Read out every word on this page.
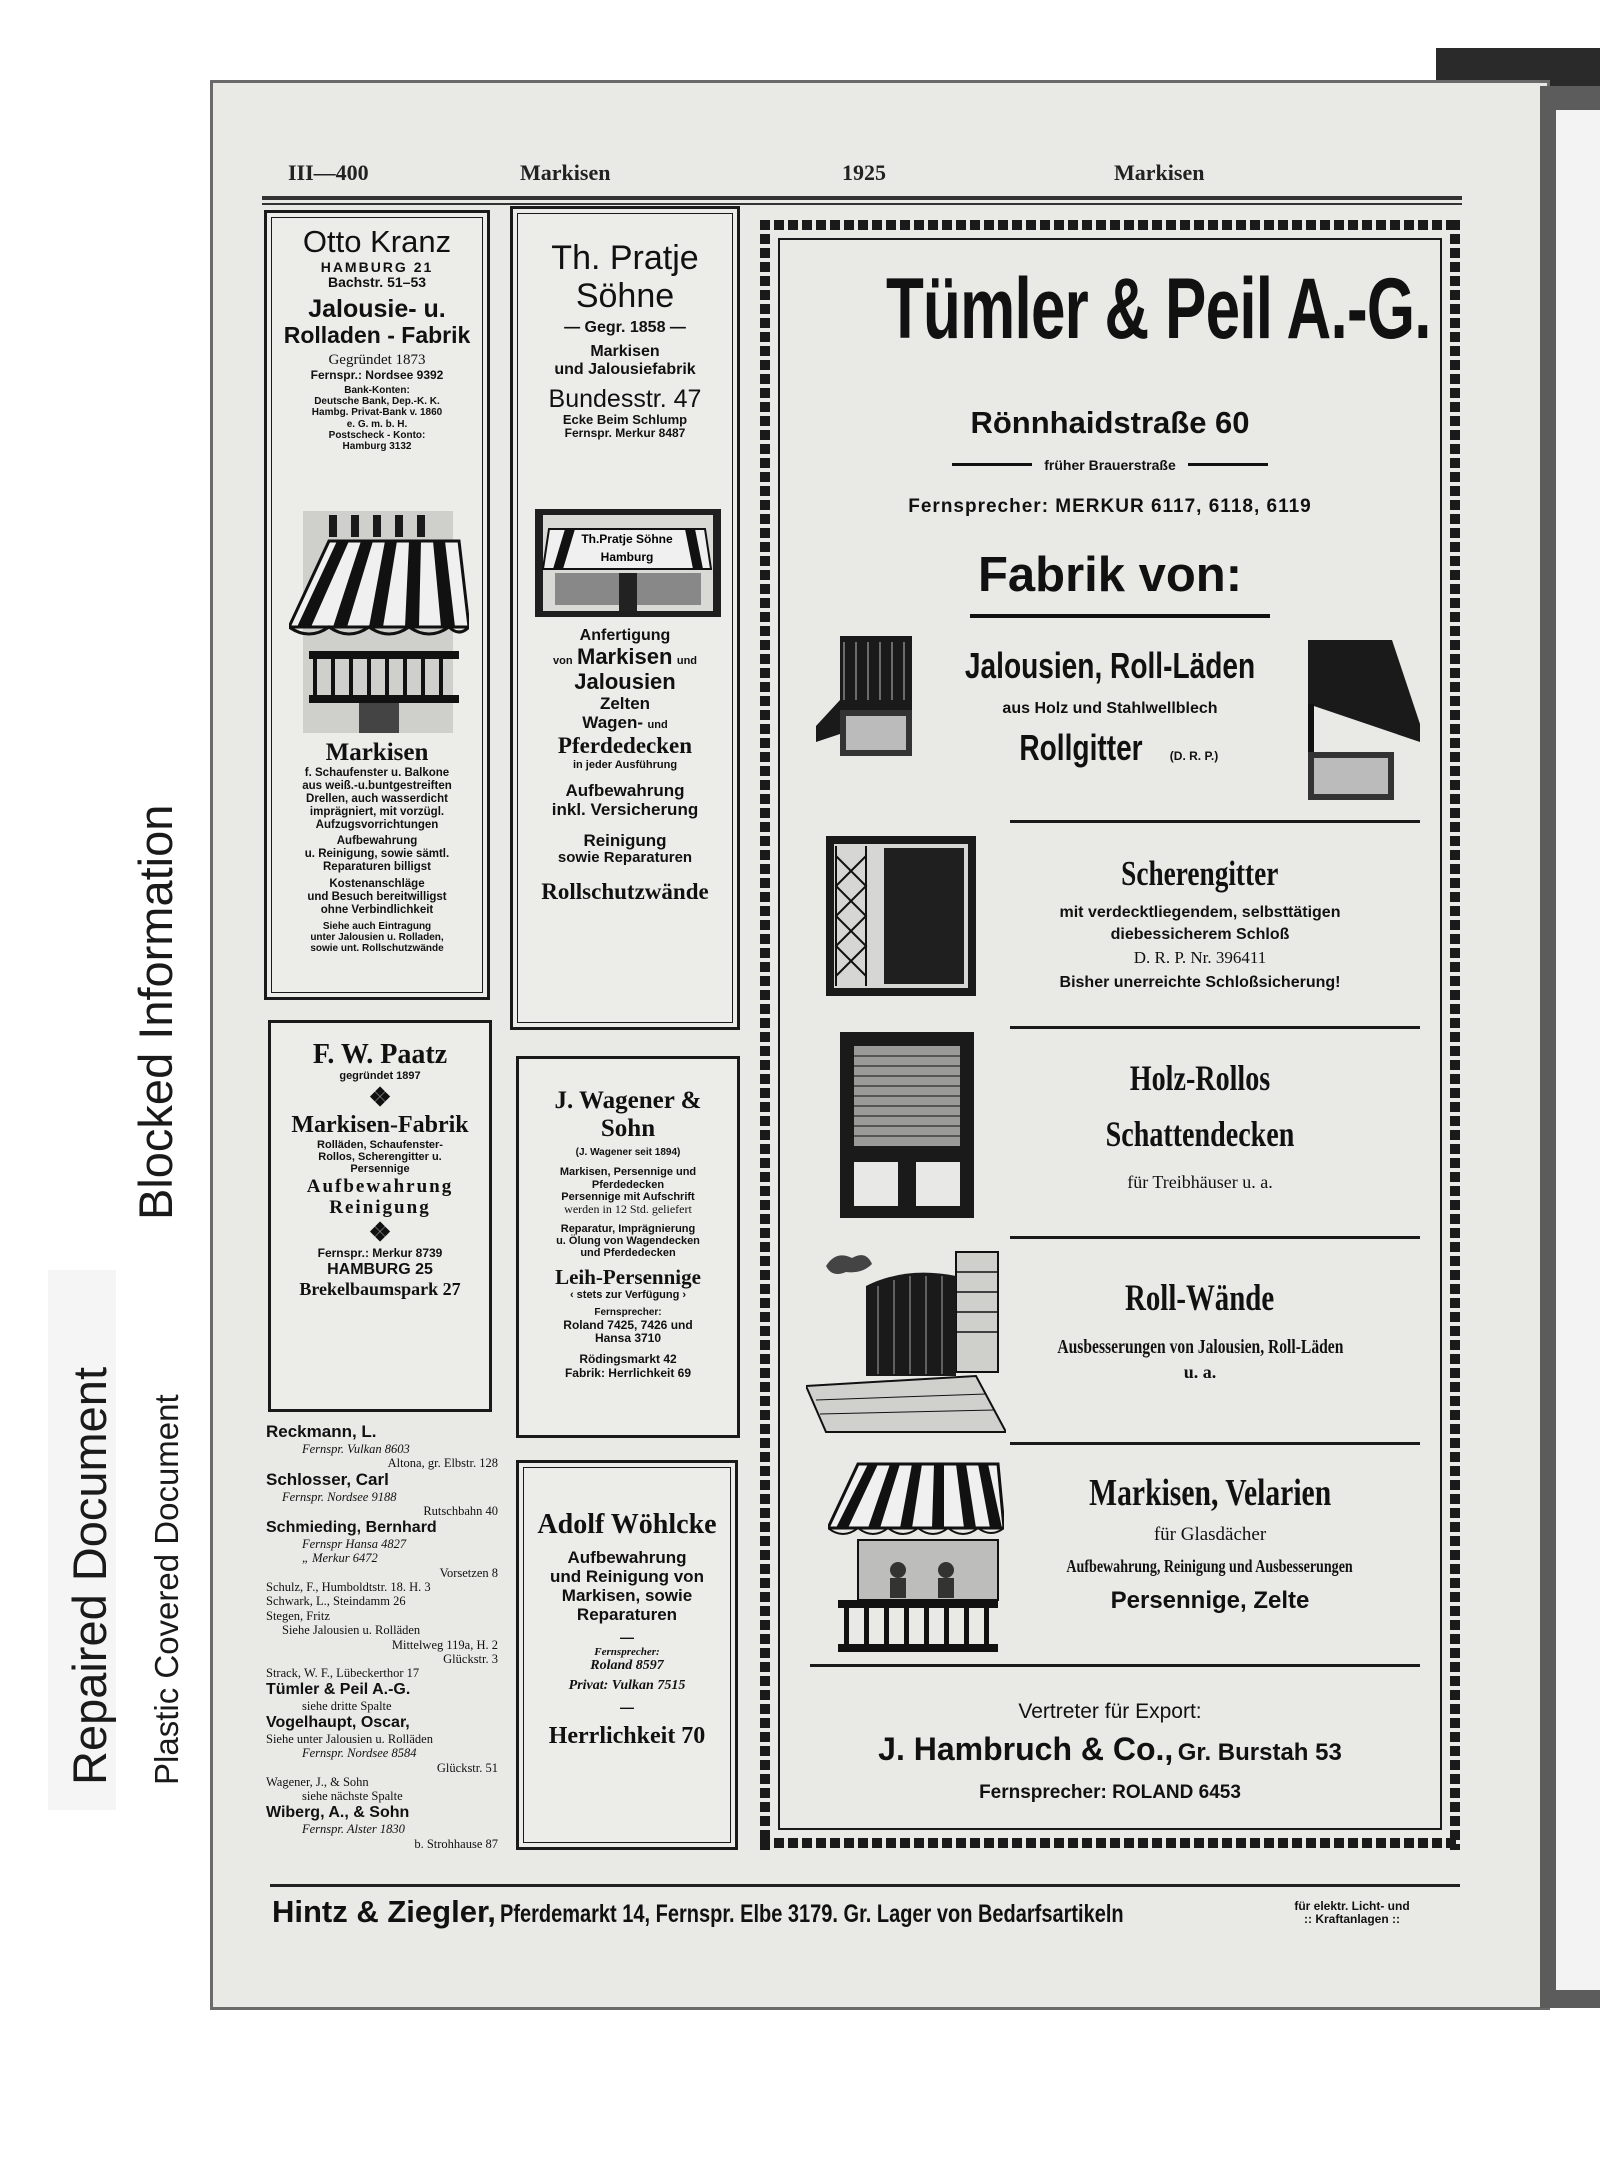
Repaired Document Plastic Covered Document
Blocked Information
III—400	Markisen	1925	Markisen
Otto Kranz
HAMBURG 21
Bachstr. 51–53
Jalousie- u.
Rolladen - Fabrik
Gegründet 1873
Fernspr.: Nordsee 9392
Bank-Konten:
Deutsche Bank, Dep.-K. K.
Hambg. Privat-Bank v. 1860
e. G. m. b. H.
Postscheck - Konto:
Hamburg 3132
Markisen
f. Schaufenster u. Balkone
aus weiß.-u.buntgestreiften
Drellen, auch wasserdicht
imprägniert, mit vorzügl.
Aufzugsvorrichtungen
Aufbewahrung
u. Reinigung, sowie sämtl.
Reparaturen billigst
Kostenanschläge
und Besuch bereitwilligst
ohne Verbindlichkeit
Siehe auch Eintragung
unter Jalousien u. Rolladen,
sowie unt. Rollschutzwände
Th. Pratje
Söhne
— Gegr. 1858 —
Markisen
und Jalousiefabrik
Bundesstr. 47
Ecke Beim Schlump
Fernspr. Merkur 8487
Th.Pratje Söhne
Hamburg
Anfertigung
von Markisen und
Jalousien
Zelten
Wagen- und
Pferdedecken
in jeder Ausführung
Aufbewahrung
inkl. Versicherung
Reinigung
sowie Reparaturen
Rollschutzwände
F. W. Paatz
gegründet 1897
❖
Markisen-Fabrik
Rolläden, Schaufenster-
Rollos, Scherengitter u.
Persennige
Aufbewahrung
Reinigung
❖
Fernspr.: Merkur 8739
HAMBURG 25
Brekelbaumspark 27
J. Wagener & Sohn
(J. Wagener seit 1894)
Markisen, Persennige und
Pferdedecken
Persennige mit Aufschrift
werden in 12 Std. geliefert
Reparatur, Imprägnierung
u. Ölung von Wagendecken
und Pferdedecken
Leih-Persennige
‹ stets zur Verfügung ›
Fernsprecher:
Roland 7425, 7426 und
Hansa 3710
Rödingsmarkt 42
Fabrik: Herrlichkeit 69
Adolf Wöhlcke
Aufbewahrung
und Reinigung von
Markisen, sowie
Reparaturen
—
Fernsprecher:
Roland 8597
Privat: Vulkan 7515
—
Herrlichkeit 70
Reckmann, L.
Fernspr. Vulkan 8603
Altona, gr. Elbstr. 128
Schlosser, Carl
Fernspr. Nordsee 9188
Rutschbahn 40
Schmieding, Bernhard
Fernspr Hansa 4827
„ Merkur 6472
Vorsetzen 8
Schulz, F., Humboldtstr. 18. H. 3
Schwark, L., Steindamm 26
Stegen, Fritz
Siehe Jalousien u. Rolläden
Mittelweg 119a, H. 2
Glückstr. 3
Strack, W. F., Lübeckerthor 17
Tümler & Peil A.-G.
siehe dritte Spalte
Vogelhaupt, Oscar,
Siehe unter Jalousien u. Rolläden
Fernspr. Nordsee 8584
Glückstr. 51
Wagener, J., & Sohn
siehe nächste Spalte
Wiberg, A., & Sohn
Fernspr. Alster 1830
b. Strohhause 87
Tümler & Peil A.-G.
Rönnhaidstraße 60
früher Brauerstraße
Fernsprecher: MERKUR 6117, 6118, 6119
Fabrik von:
Jalousien, Roll-Läden
aus Holz und Stahlwellblech
Rollgitter (D. R. P.)
Scherengitter
mit verdecktliegendem, selbsttätigen
diebessicherem Schloß
D. R. P. Nr. 396411
Bisher unerreichte Schloßsicherung!
Holz-Rollos
Schattendecken
für Treibhäuser u. a.
Roll-Wände
Ausbesserungen von Jalousien, Roll-Läden
u. a.
Markisen, Velarien
für Glasdächer
Aufbewahrung, Reinigung und Ausbesserungen
Persennige, Zelte
Vertreter für Export:
J. Hambruch & Co., Gr. Burstah 53
Fernsprecher: ROLAND 6453
Hintz & Ziegler, Pferdemarkt 14, Fernspr. Elbe 3179. Gr. Lager von Bedarfsartikeln	für elektr. Licht- und
:: Kraftanlagen ::
